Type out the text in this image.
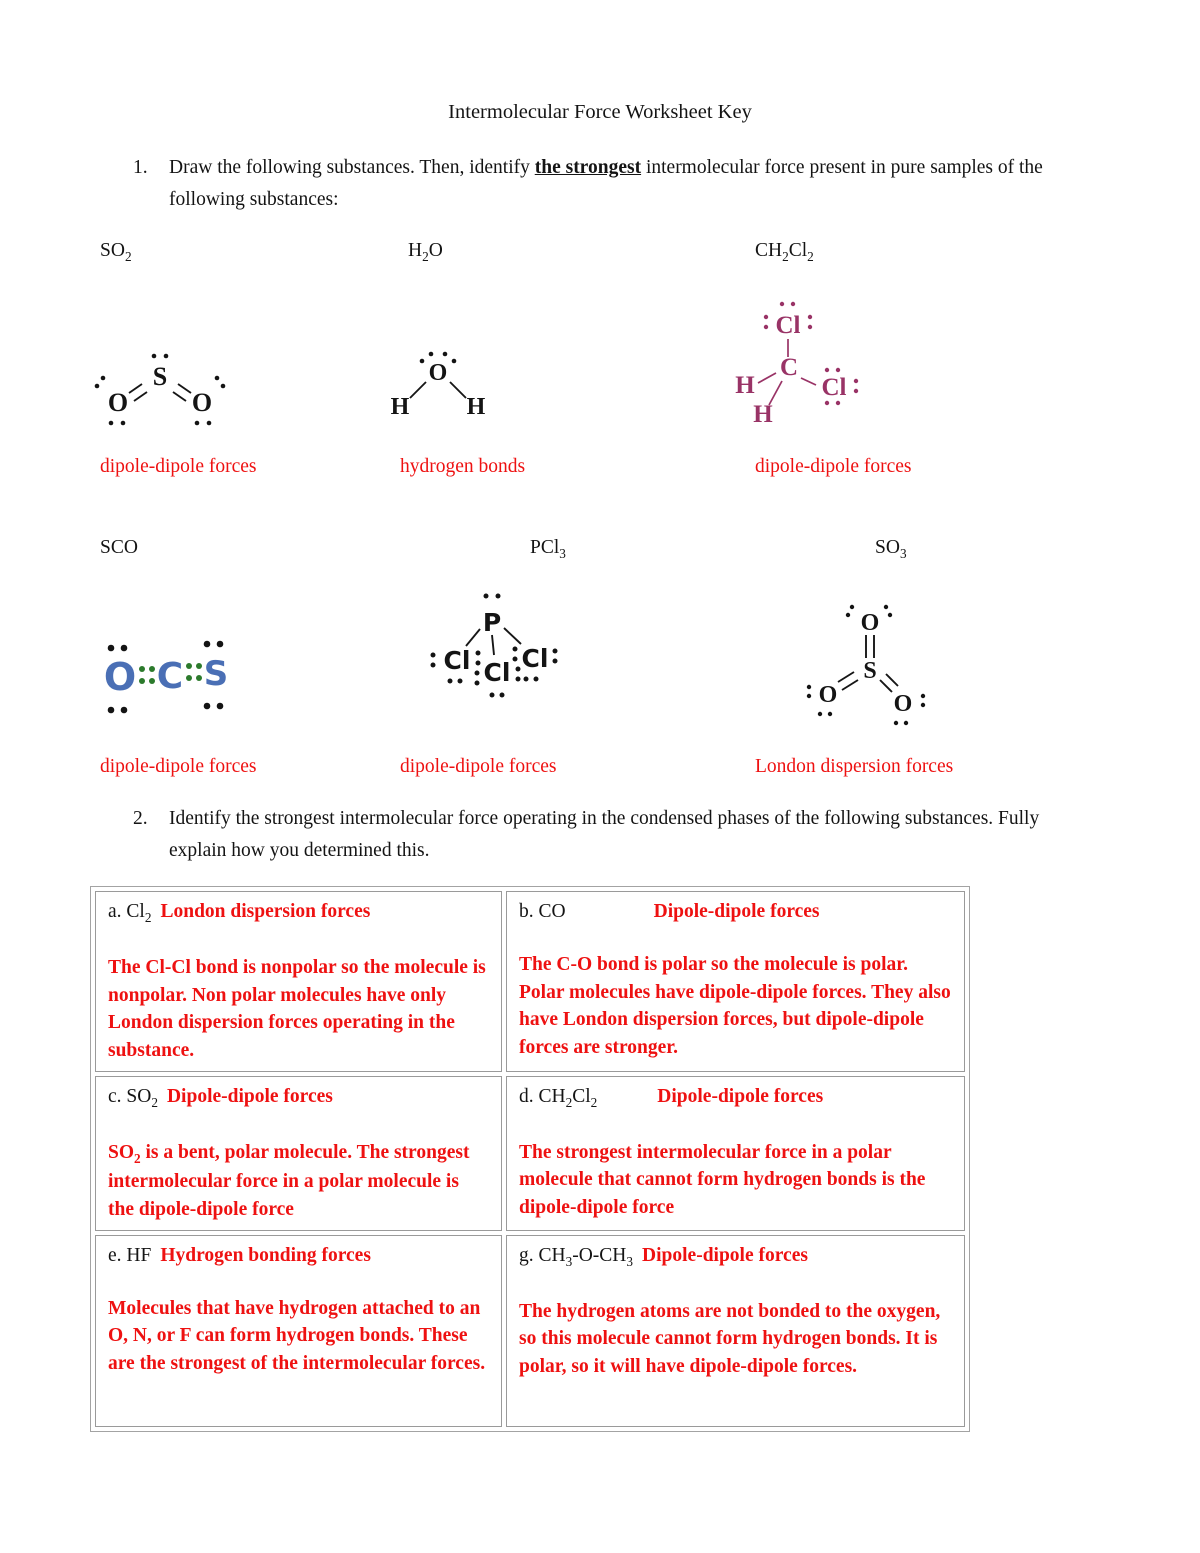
Intermolecular Force Worksheet Key
1.	Draw the following substances. Then, identify the strongest intermolecular force present in pure samples of the following substances:
$SO_2$	$H_2O$	$CH_2Cl_2$
S
O O
O
H H
Cl
C
H
H
Cl
dipole-dipole forces	hydrogen bonds	dipole-dipole forces
SCO	PCl$_3$	$SO_3$
O C S
P
Cl Cl Cl
O
S
O O
dipole-dipole forces	dipole-dipole forces	London dispersion forces
2.	Identify the strongest intermolecular force operating in the condensed phases of the following substances. Fully explain how you determined this.
a. $Cl_2$ London dispersion forces
The Cl-Cl bond is nonpolar so the molecule is nonpolar. Non polar molecules have only London dispersion forces operating in the substance.

b. CO	Dipole-dipole forces
The C-O bond is polar so the molecule is polar. Polar molecules have dipole-dipole forces. They also have London dispersion forces, but dipole-dipole forces are stronger.

c. $SO_2$ Dipole-dipole forces
$SO_2$ is a bent, polar molecule. The strongest intermolecular force in a polar molecule is the dipole-dipole force

d. $CH_2Cl_2$	Dipole-dipole forces
The strongest intermolecular force in a polar molecule that cannot form hydrogen bonds is the dipole-dipole force

e. HF Hydrogen bonding forces
Molecules that have hydrogen attached to an O, N, or F can form hydrogen bonds. These are the strongest of the intermolecular forces.

g. $CH_3-O-CH_3$ Dipole-dipole forces
The hydrogen atoms are not bonded to the oxygen, so this molecule cannot form hydrogen bonds. It is polar, so it will have dipole-dipole forces.
